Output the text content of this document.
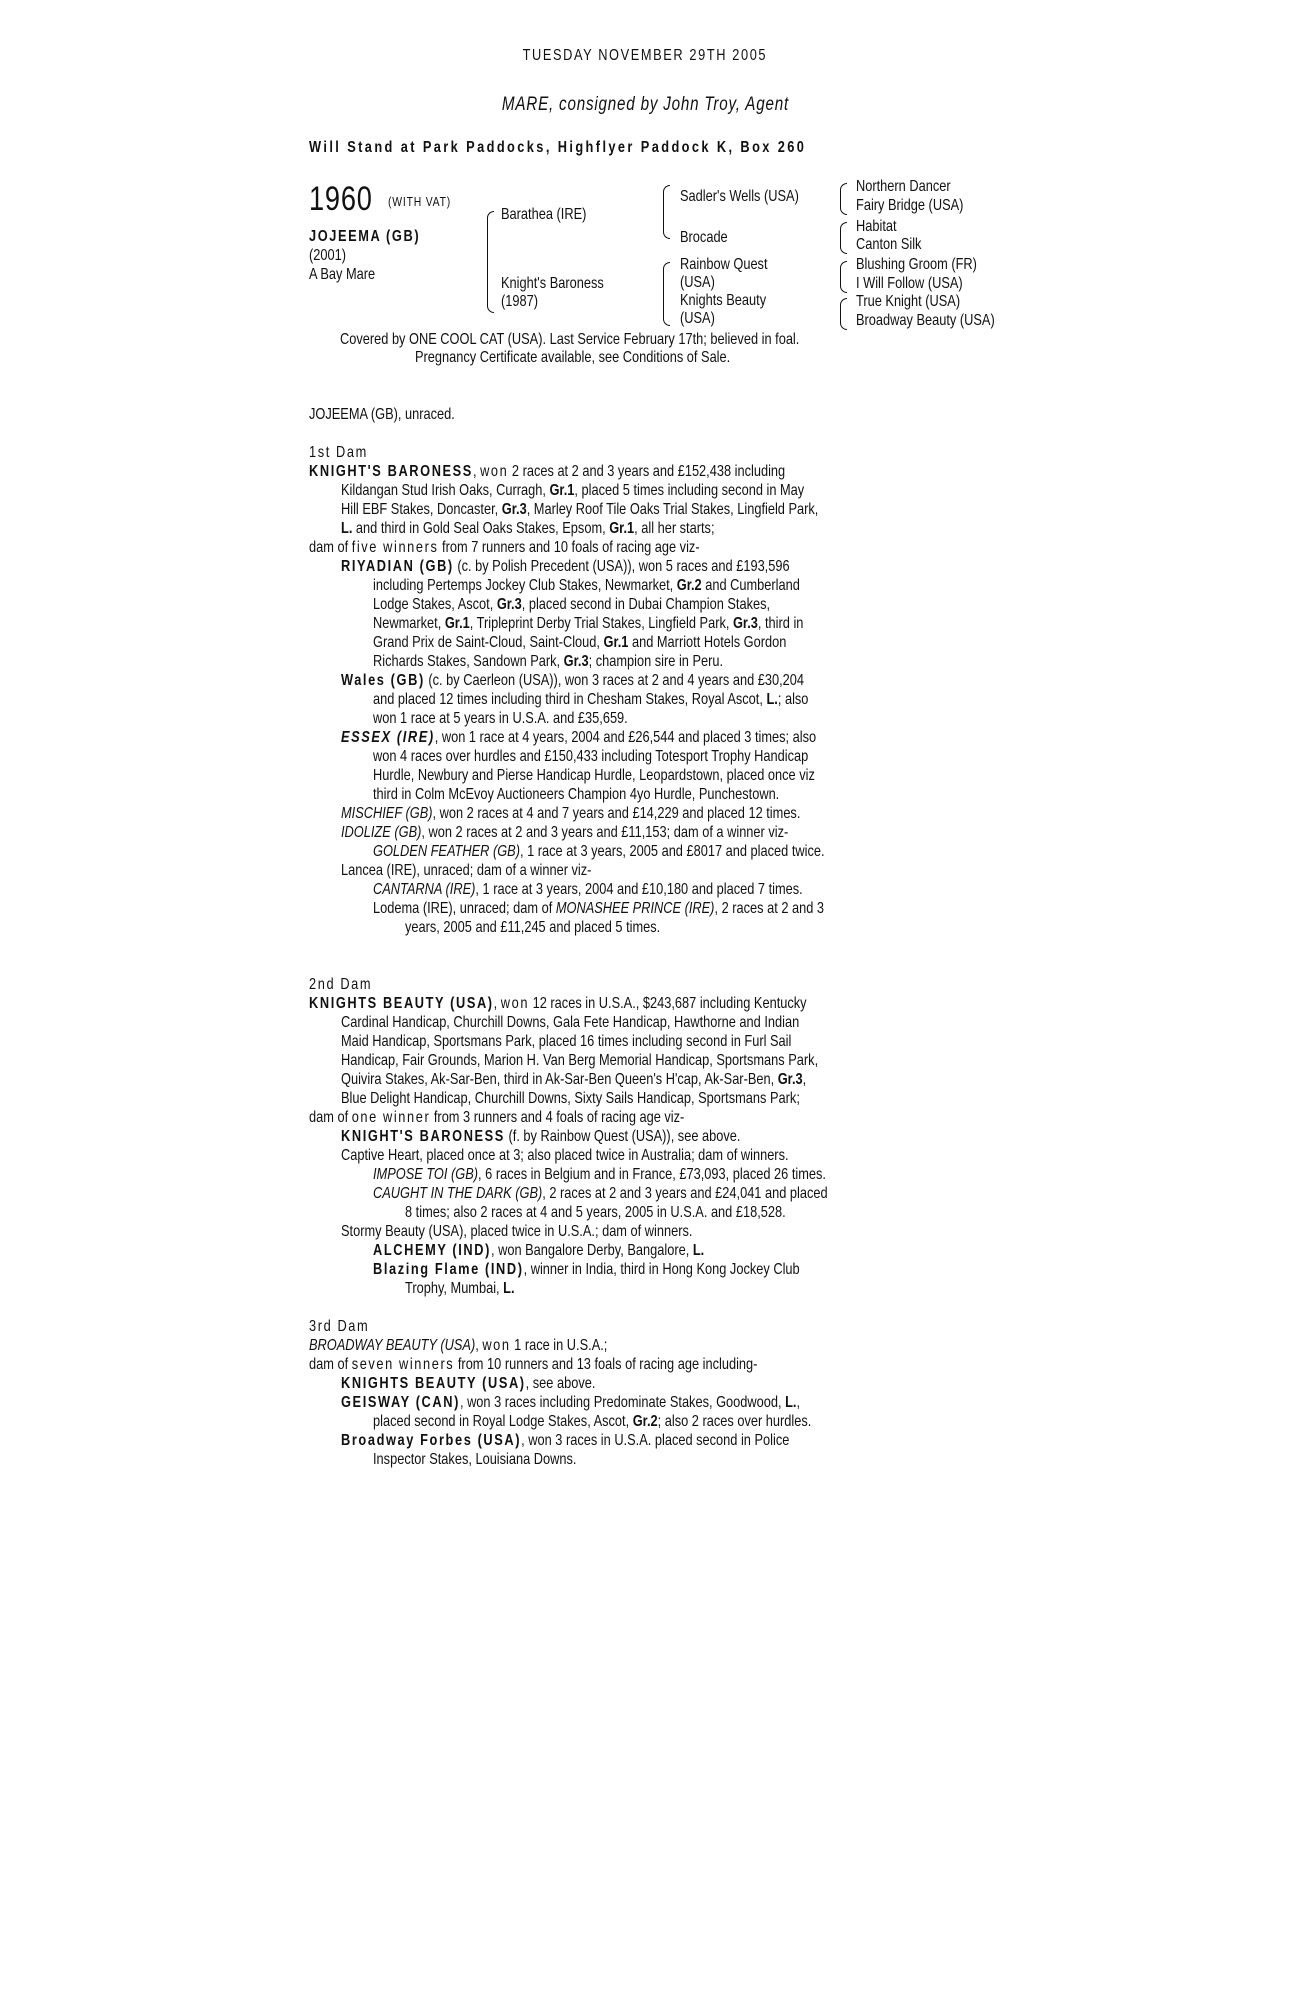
TUESDAY NOVEMBER 29TH 2005
MARE, consigned by John Troy, Agent
Will Stand at Park Paddocks, Highflyer Paddock K, Box 260
1960	(WITH VAT)
JOJEEMA (GB)
(2001)
A Bay Mare
Barathea (IRE)
Knight's Baroness
(1987)
Sadler's Wells (USA)
Brocade
Rainbow Quest
(USA)
Knights Beauty
(USA)
Northern Dancer
Fairy Bridge (USA)
Habitat
Canton Silk
Blushing Groom (FR)
I Will Follow (USA)
True Knight (USA)
Broadway Beauty (USA)
Covered by ONE COOL CAT (USA). Last Service February 17th; believed in foal.
Pregnancy Certificate available, see Conditions of Sale.
JOJEEMA (GB), unraced.
1st Dam
KNIGHT'S BARONESS, won 2 races at 2 and 3 years and £152,438 including
Kildangan Stud Irish Oaks, Curragh, Gr.1, placed 5 times including second in May
Hill EBF Stakes, Doncaster, Gr.3, Marley Roof Tile Oaks Trial Stakes, Lingfield Park,
L. and third in Gold Seal Oaks Stakes, Epsom, Gr.1, all her starts;
dam of five winners from 7 runners and 10 foals of racing age viz-
RIYADIAN (GB) (c. by Polish Precedent (USA)), won 5 races and £193,596
including Pertemps Jockey Club Stakes, Newmarket, Gr.2 and Cumberland
Lodge Stakes, Ascot, Gr.3, placed second in Dubai Champion Stakes,
Newmarket, Gr.1, Tripleprint Derby Trial Stakes, Lingfield Park, Gr.3, third in
Grand Prix de Saint-Cloud, Saint-Cloud, Gr.1 and Marriott Hotels Gordon
Richards Stakes, Sandown Park, Gr.3; champion sire in Peru.
Wales (GB) (c. by Caerleon (USA)), won 3 races at 2 and 4 years and £30,204
and placed 12 times including third in Chesham Stakes, Royal Ascot, L.; also
won 1 race at 5 years in U.S.A. and £35,659.
ESSEX (IRE), won 1 race at 4 years, 2004 and £26,544 and placed 3 times; also
won 4 races over hurdles and £150,433 including Totesport Trophy Handicap
Hurdle, Newbury and Pierse Handicap Hurdle, Leopardstown, placed once viz
third in Colm McEvoy Auctioneers Champion 4yo Hurdle, Punchestown.
MISCHIEF (GB), won 2 races at 4 and 7 years and £14,229 and placed 12 times.
IDOLIZE (GB), won 2 races at 2 and 3 years and £11,153; dam of a winner viz-
GOLDEN FEATHER (GB), 1 race at 3 years, 2005 and £8017 and placed twice.
Lancea (IRE), unraced; dam of a winner viz-
CANTARNA (IRE), 1 race at 3 years, 2004 and £10,180 and placed 7 times.
Lodema (IRE), unraced; dam of MONASHEE PRINCE (IRE), 2 races at 2 and 3
years, 2005 and £11,245 and placed 5 times.
2nd Dam
KNIGHTS BEAUTY (USA), won 12 races in U.S.A., $243,687 including Kentucky
Cardinal Handicap, Churchill Downs, Gala Fete Handicap, Hawthorne and Indian
Maid Handicap, Sportsmans Park, placed 16 times including second in Furl Sail
Handicap, Fair Grounds, Marion H. Van Berg Memorial Handicap, Sportsmans Park,
Quivira Stakes, Ak-Sar-Ben, third in Ak-Sar-Ben Queen's H'cap, Ak-Sar-Ben, Gr.3,
Blue Delight Handicap, Churchill Downs, Sixty Sails Handicap, Sportsmans Park;
dam of one winner from 3 runners and 4 foals of racing age viz-
KNIGHT'S BARONESS (f. by Rainbow Quest (USA)), see above.
Captive Heart, placed once at 3; also placed twice in Australia; dam of winners.
IMPOSE TOI (GB), 6 races in Belgium and in France, £73,093, placed 26 times.
CAUGHT IN THE DARK (GB), 2 races at 2 and 3 years and £24,041 and placed
8 times; also 2 races at 4 and 5 years, 2005 in U.S.A. and £18,528.
Stormy Beauty (USA), placed twice in U.S.A.; dam of winners.
ALCHEMY (IND), won Bangalore Derby, Bangalore, L.
Blazing Flame (IND), winner in India, third in Hong Kong Jockey Club
Trophy, Mumbai, L.
3rd Dam
BROADWAY BEAUTY (USA), won 1 race in U.S.A.;
dam of seven winners from 10 runners and 13 foals of racing age including-
KNIGHTS BEAUTY (USA), see above.
GEISWAY (CAN), won 3 races including Predominate Stakes, Goodwood, L.,
placed second in Royal Lodge Stakes, Ascot, Gr.2; also 2 races over hurdles.
Broadway Forbes (USA), won 3 races in U.S.A. placed second in Police
Inspector Stakes, Louisiana Downs.
